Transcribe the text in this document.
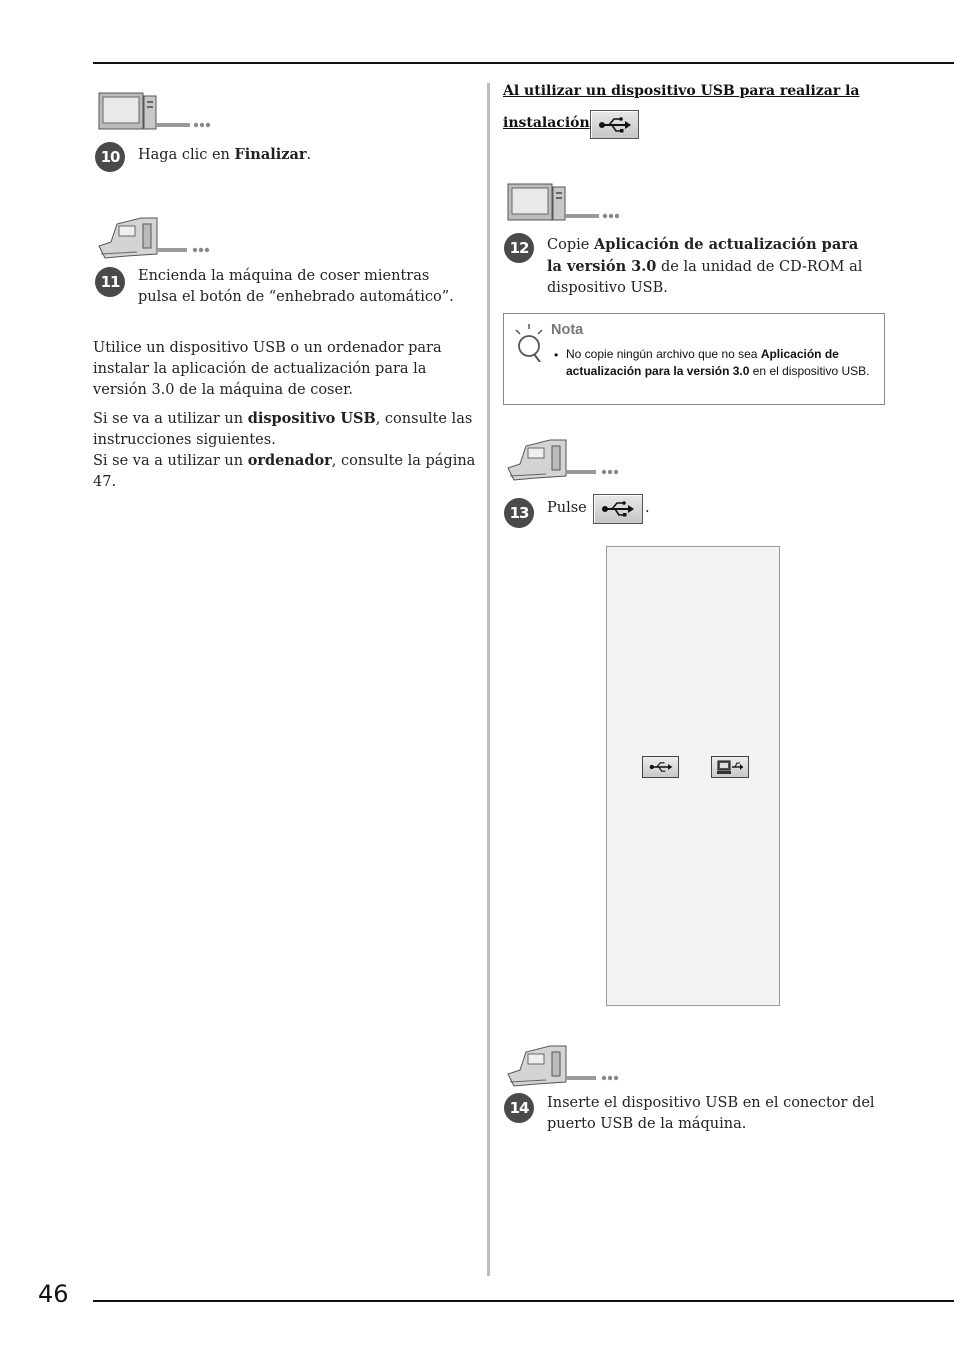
46
10	Haga clic en Finalizar.
11	Encienda la máquina de coser mientras pulsa el botón de “enhebrado automático”.
Utilice un dispositivo USB o un ordenador para instalar la aplicación de actualización para la versión 3.0 de la máquina de coser.
Si se va a utilizar un dispositivo USB, consulte las instrucciones siguientes.
Si se va a utilizar un ordenador, consulte la página 47.
Al utilizar un dispositivo USB para realizar la
instalación
12	Copie Aplicación de actualización para la versión 3.0 de la unidad de CD-ROM al dispositivo USB.
Nota
• No copie ningún archivo que no sea Aplicación de actualización para la versión 3.0 en el dispositivo USB.
13	Pulse	.
14	Inserte el dispositivo USB en el conector del puerto USB de la máquina.
